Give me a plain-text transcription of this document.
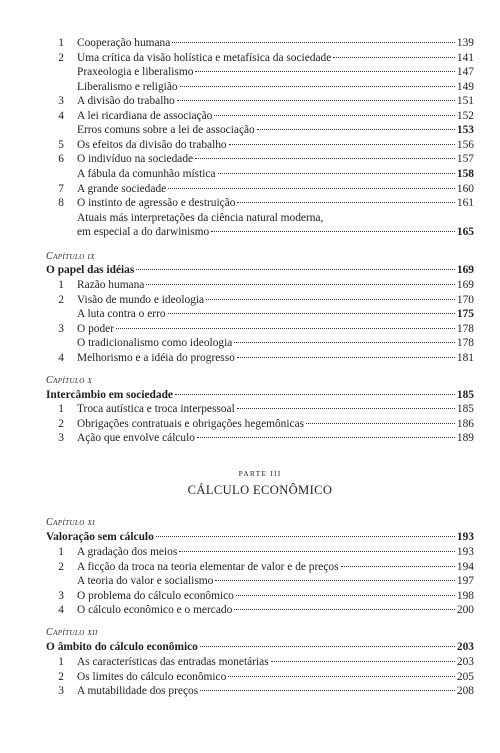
1 Cooperação humana	139
2 Uma crítica da visão holística e metafísica da sociedade	141
Praxeologia e liberalismo	147
Liberalismo e religião	149
3 A divisão do trabalho	151
4 A lei ricardiana de associação	152
Erros comuns sobre a lei de associação	153
5 Os efeitos da divisão do trabalho	156
6 O indivíduo na sociedade	157
A fábula da comunhão mística	158
7 A grande sociedade	160
8 O instinto de agressão e destruição	161
Atuais más interpretações da ciência natural moderna,
em especial a do darwinismo	165
Capítulo ix
O papel das idéias	169
1 Razão humana	169
2 Visão de mundo e ideologia	170
A luta contra o erro	175
3 O poder	178
O tradicionalismo como ideologia	178
4 Melhorismo e a idéia do progresso	181
Capítulo x
Intercâmbio em sociedade	185
1 Troca autística e troca interpessoal	185
2 Obrigações contratuais e obrigações hegemônicas	186
3 Ação que envolve cálculo	189
PARTE III
CÁLCULO ECONÔMICO
Capítulo xi
Valoração sem cálculo	193
1 A gradação dos meios	193
2 A ficção da troca na teoria elementar de valor e de preços	194
A teoria do valor e socialismo	197
3 O problema do cálculo econômico	198
4 O cálculo econômico e o mercado	200
Capítulo xii
O âmbito do cálculo econômico	203
1 As características das entradas monetárias	203
2 Os limites do cálculo econômico	205
3 A mutabilidade dos preços	208
